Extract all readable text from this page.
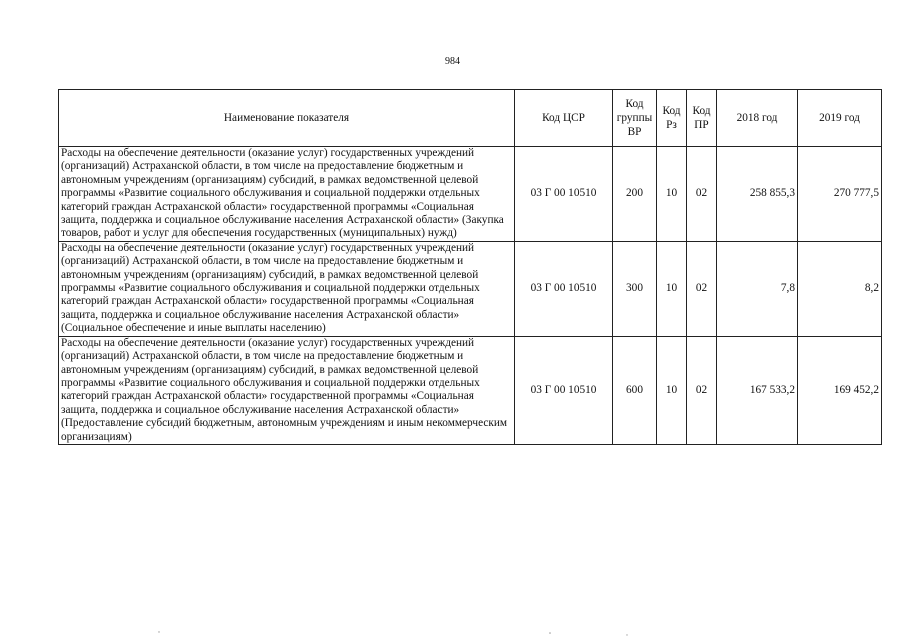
984
Наименование показателя	Код ЦСР	Код группы ВР	Код Рз	Код ПР	2018 год	2019 год
Расходы на обеспечение деятельности (оказание услуг) государственных учреждений (организаций) Астраханской области, в том числе на предоставление бюджетным и автономным учреждениям (организациям) субсидий, в рамках ведомственной целевой программы «Развитие социального обслуживания и социальной поддержки отдельных категорий граждан Астраханской области» государственной программы «Социальная защита, поддержка и социальное обслуживание населения Астраханской области» (Закупка товаров, работ и услуг для обеспечения государственных (муниципальных) нужд)	03 Г 00 10510	200	10	02	258 855,3	270 777,5
Расходы на обеспечение деятельности (оказание услуг) государственных учреждений (организаций) Астраханской области, в том числе на предоставление бюджетным и автономным учреждениям (организациям) субсидий, в рамках ведомственной целевой программы «Развитие социального обслуживания и социальной поддержки отдельных категорий граждан Астраханской области» государственной программы «Социальная защита, поддержка и социальное обслуживание населения Астраханской области» (Социальное обеспечение и иные выплаты населению)	03 Г 00 10510	300	10	02	7,8	8,2
Расходы на обеспечение деятельности (оказание услуг) государственных учреждений (организаций) Астраханской области, в том числе на предоставление бюджетным и автономным учреждениям (организациям) субсидий, в рамках ведомственной целевой программы «Развитие социального обслуживания и социальной поддержки отдельных категорий граждан Астраханской области» государственной программы «Социальная защита, поддержка и социальное обслуживание населения Астраханской области» (Предоставление субсидий бюджетным, автономным учреждениям и иным некоммерческим организациям)	03 Г 00 10510	600	10	02	167 533,2	169 452,2
